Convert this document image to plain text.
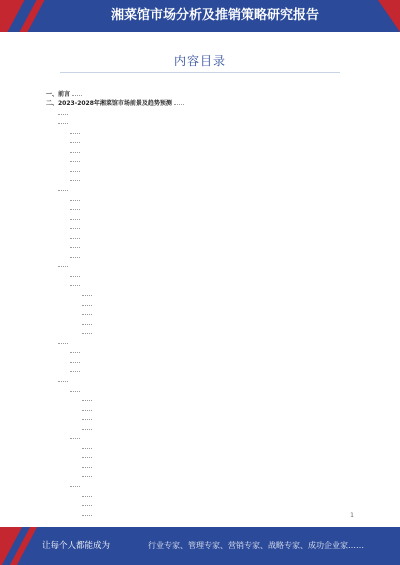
湘菜馆市场分析及推销策略研究报告
内容目录
一、前言
二、2023-2028年湘菜馆市场前景及趋势预测
1
让每个人都能成为	行业专家、管理专家、营销专家、战略专家、成功企业家……
